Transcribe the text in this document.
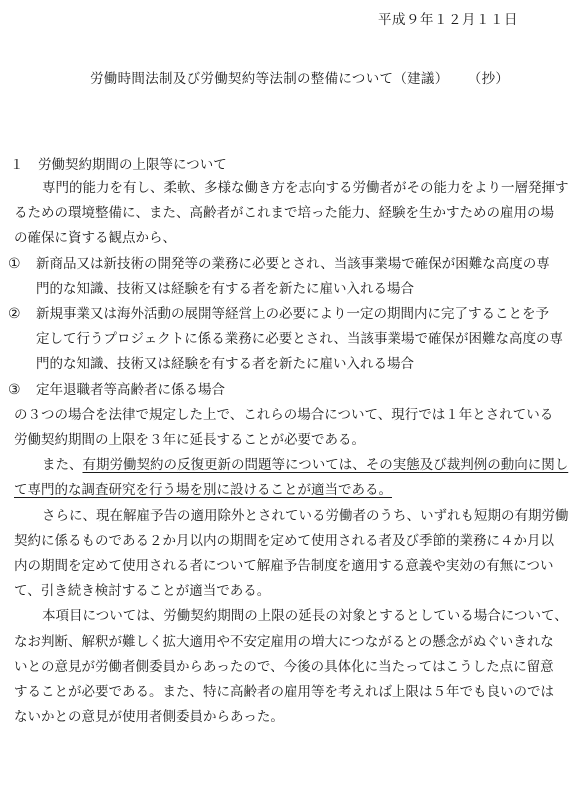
平成９年１２月１１日
労働時間法制及び労働契約等法制の整備について（建議） （抄）
１ 労働契約期間の上限等について

専門的能力を有し、柔軟、多様な働き方を志向する労働者がその能力をより一層発揮す

るための環境整備に、また、高齢者がこれまで培った能力、経験を生かすための雇用の場

の確保に資する観点から、

① 新商品又は新技術の開発等の業務に必要とされ、当該事業場で確保が困難な高度の専
門的な知識、技術又は経験を有する者を新たに雇い入れる場合
② 新規事業又は海外活動の展開等経営上の必要により一定の期間内に完了することを予
定して行うプロジェクトに係る業務に必要とされ、当該事業場で確保が困難な高度の専
門的な知識、技術又は経験を有する者を新たに雇い入れる場合
③ 定年退職者等高齢者に係る場合

の３つの場合を法律で規定した上で、これらの場合について、現行では１年とされている

労働契約期間の上限を３年に延長することが必要である。

また、有期労働契約の反復更新の問題等については、その実態及び裁判例の動向に関し

て専門的な調査研究を行う場を別に設けることが適当である。

さらに、現在解雇予告の適用除外とされている労働者のうち、いずれも短期の有期労働

契約に係るものである２か月以内の期間を定めて使用される者及び季節的業務に４か月以

内の期間を定めて使用される者について解雇予告制度を適用する意義や実効の有無につい

て、引き続き検討することが適当である。

本項目については、労働契約期間の上限の延長の対象とするとしている場合について、

なお判断、解釈が難しく拡大適用や不安定雇用の増大につながるとの懸念がぬぐいきれな

いとの意見が労働者側委員からあったので、今後の具体化に当たってはこうした点に留意

することが必要である。また、特に高齢者の雇用等を考えれば上限は５年でも良いのでは

ないかとの意見が使用者側委員からあった。
